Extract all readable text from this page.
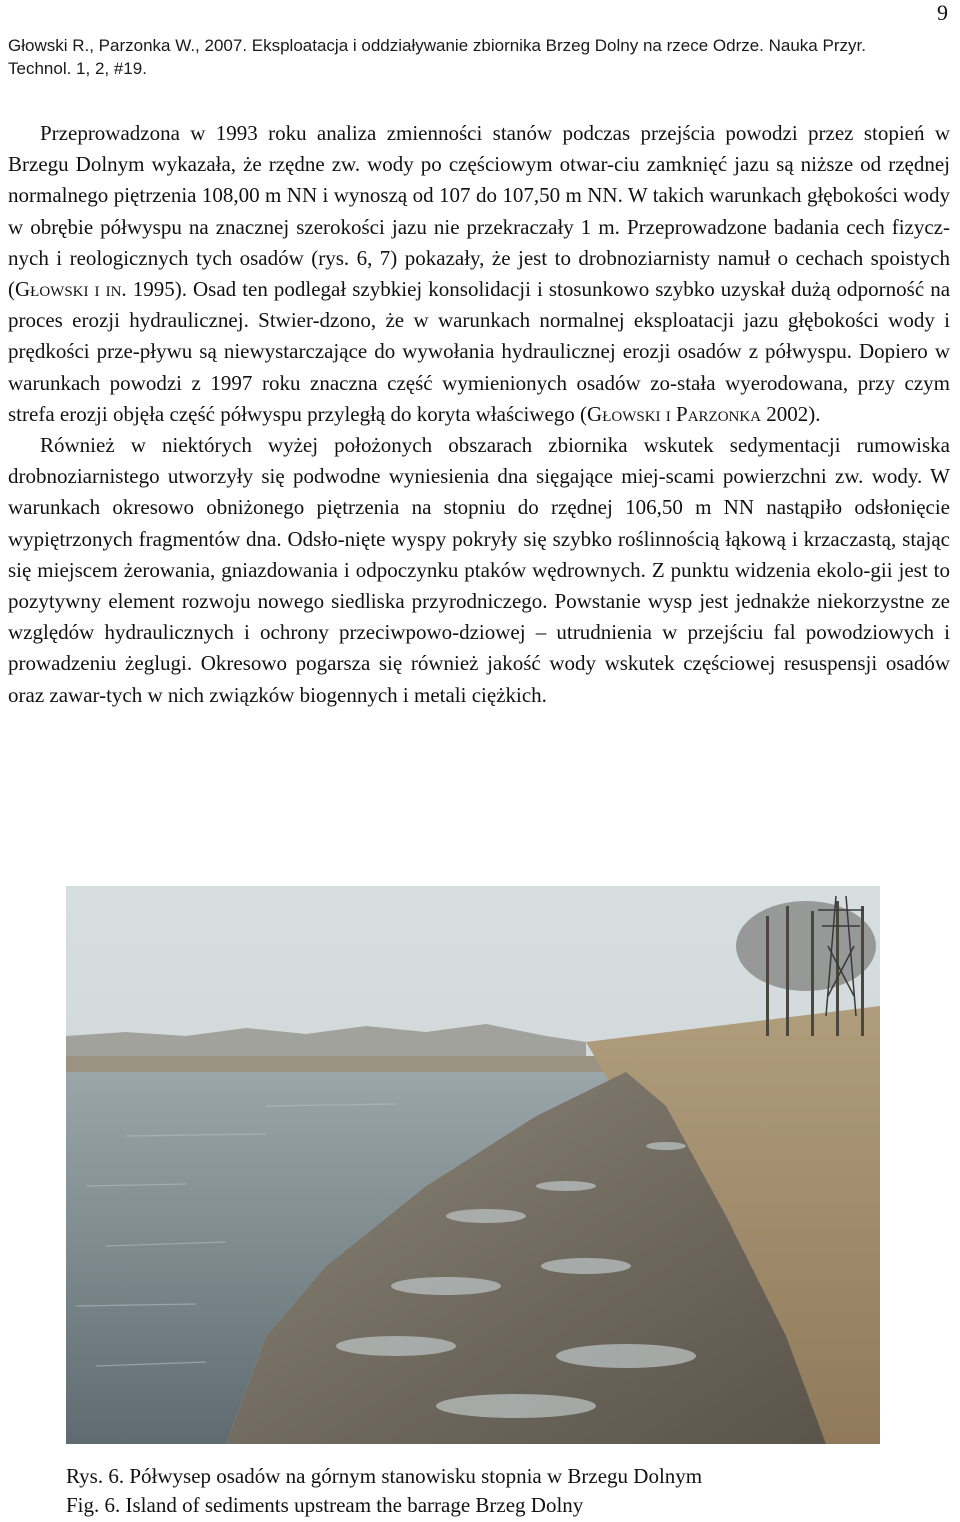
9
Głowski R., Parzonka W., 2007. Eksploatacja i oddziaływanie zbiornika Brzeg Dolny na rzece Odrze. Nauka Przyr.
Technol. 1, 2, #19.

Przeprowadzona w 1993 roku analiza zmienności stanów podczas przejścia powodzi przez stopień w Brzegu Dolnym wykazała, że rzędne zw. wody po częściowym otwar-ciu zamknięć jazu są niższe od rzędnej normalnego piętrzenia 108,00 m NN i wynoszą od 107 do 107,50 m NN. W takich warunkach głębokości wody w obrębie półwyspu na znacznej szerokości jazu nie przekraczały 1 m. Przeprowadzone badania cech fizycz-nych i reologicznych tych osadów (rys. 6, 7) pokazały, że jest to drobnoziarnisty namuł o cechach spoistych (Głowski i in. 1995). Osad ten podlegał szybkiej konsolidacji i stosunkowo szybko uzyskał dużą odporność na proces erozji hydraulicznej. Stwier-dzono, że w warunkach normalnej eksploatacji jazu głębokości wody i prędkości prze-pływu są niewystarczające do wywołania hydraulicznej erozji osadów z półwyspu. Dopiero w warunkach powodzi z 1997 roku znaczna część wymienionych osadów zo-stała wyerodowana, przy czym strefa erozji objęła część półwyspu przyległą do koryta właściwego (Głowski i Parzonka 2002).

Również w niektórych wyżej położonych obszarach zbiornika wskutek sedymentacji rumowiska drobnoziarnistego utworzyły się podwodne wyniesienia dna sięgające miej-scami powierzchni zw. wody. W warunkach okresowo obniżonego piętrzenia na stopniu do rzędnej 106,50 m NN nastąpiło odsłonięcie wypiętrzonych fragmentów dna. Odsło-nięte wyspy pokryły się szybko roślinnością łąkową i krzaczastą, stając się miejscem żerowania, gniazdowania i odpoczynku ptaków wędrownych. Z punktu widzenia ekolo-gii jest to pozytywny element rozwoju nowego siedliska przyrodniczego. Powstanie wysp jest jednakże niekorzystne ze względów hydraulicznych i ochrony przeciwpowo-dziowej – utrudnienia w przejściu fal powodziowych i prowadzeniu żeglugi. Okresowo pogarsza się również jakość wody wskutek częściowej resuspensji osadów oraz zawar-tych w nich związków biogennych i metali ciężkich.

Rys. 6. Półwysep osadów na górnym stanowisku stopnia w Brzegu Dolnym
Fig. 6. Island of sediments upstream the barrage Brzeg Dolny
